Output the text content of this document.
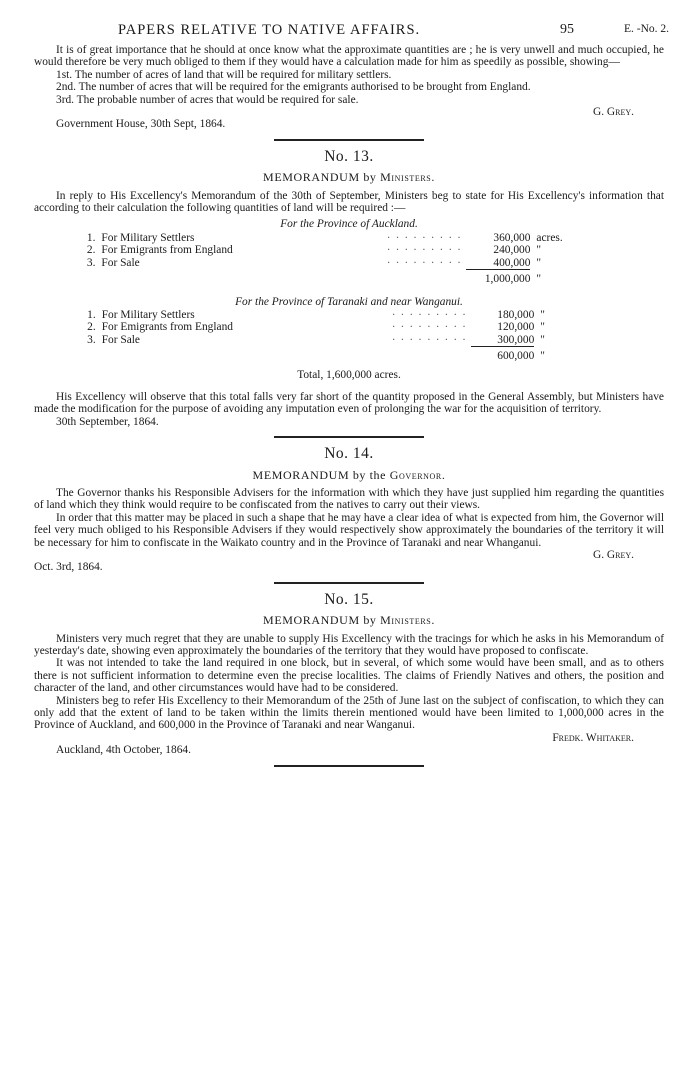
PAPERS RELATIVE TO NATIVE AFFAIRS.	95	E. -No. 2.

It is of great importance that he should at once know what the approximate quantities are ; he is very unwell and much occupied, he would therefore be very much obliged to them if they would have a calculation made for him as speedily as possible, showing—

1st. The number of acres of land that will be required for military settlers.

2nd. The number of acres that will be required for the emigrants authorised to be brought from England.

3rd. The probable number of acres that would be required for sale.

G. Grey.

Government House, 30th Sept, 1864.

No. 13.
MEMORANDUM by Ministers.

In reply to His Excellency's Memorandum of the 30th of September, Ministers beg to state for His Excellency's information that according to their calculation the following quantities of land will be required :—

For the Province of Auckland.
1.	For Military Settlers	·········	360,000	acres.
2.	For Emigrants from England	·········	240,000	"
3.	For Sale	·········	400,000	"
			1,000,000	"
For the Province of Taranaki and near Wanganui.
1.	For Military Settlers	·········	180,000	"
2.	For Emigrants from England	·········	120,000	"
3.	For Sale	·········	300,000	"
			600,000	"
Total, 1,600,000 acres.

His Excellency will observe that this total falls very far short of the quantity proposed in the General Assembly, but Ministers have made the modification for the purpose of avoiding any imputation even of prolonging the war for the acquisition of territory.

30th September, 1864.

No. 14.
MEMORANDUM by the Governor.

The Governor thanks his Responsible Advisers for the information with which they have just supplied him regarding the quantities of land which they think would require to be confiscated from the natives to carry out their views.

In order that this matter may be placed in such a shape that he may have a clear idea of what is expected from him, the Governor will feel very much obliged to his Responsible Advisers if they would respectively show approximately the boundaries of the territory it will be necessary for him to confiscate in the Waikato country and in the Province of Taranaki and near Whanganui.

G. Grey.

Oct. 3rd, 1864.

No. 15.
MEMORANDUM by Ministers.

Ministers very much regret that they are unable to supply His Excellency with the tracings for which he asks in his Memorandum of yesterday's date, showing even approximately the boundaries of the territory that they would have proposed to confiscate.

It was not intended to take the land required in one block, but in several, of which some would have been small, and as to others there is not sufficient information to determine even the precise localities. The claims of Friendly Natives and others, the position and character of the land, and other circumstances would have had to be considered.

Ministers beg to refer His Excellency to their Memorandum of the 25th of June last on the subject of confiscation, to which they can only add that the extent of land to be taken within the limits therein mentioned would have been limited to 1,000,000 acres in the Province of Auckland, and 600,000 in the Province of Taranaki and near Wanganui.

Fredk. Whitaker.

Auckland, 4th October, 1864.
